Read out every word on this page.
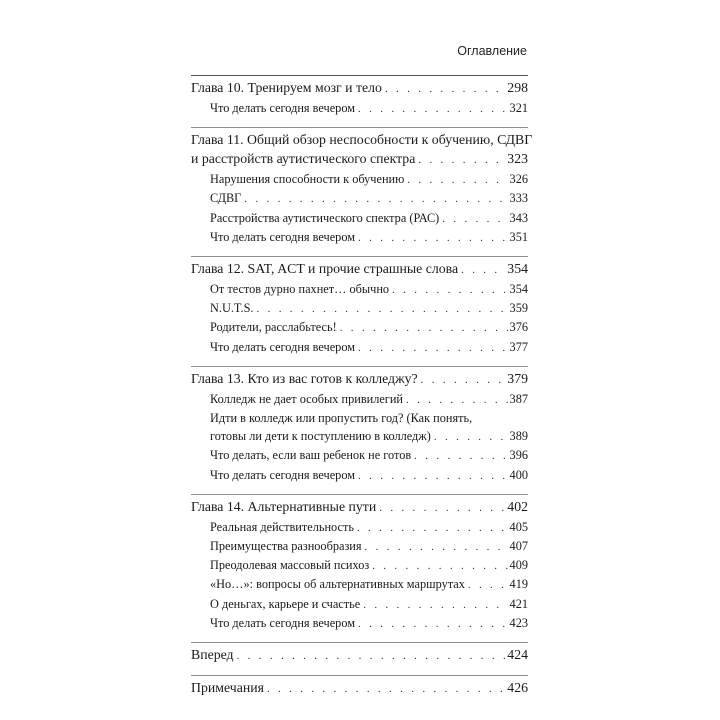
Оглавление
Глава 10. Тренируем мозг и тело . . .	298
Что делать сегодня вечером . . .	321
Глава 11. Общий обзор неспособности к обучению, СДВГ
и расстройств аутистического спектра . . .	323
Нарушения способности к обучению . . .	326
СДВГ . . .	333
Расстройства аутистического спектра (РАС) . . .	343
Что делать сегодня вечером . . .	351
Глава 12. SAT, ACT и прочие страшные слова . . .	354
От тестов дурно пахнет… обычно . . .	354
N.U.T.S. . . .	359
Родители, расслабьтесь! . . .	376
Что делать сегодня вечером . . .	377
Глава 13. Кто из вас готов к колледжу? . . .	379
Колледж не дает особых привилегий . . .	387
Идти в колледж или пропустить год? (Как понять,
готовы ли дети к поступлению в колледж) . . .	389
Что делать, если ваш ребенок не готов . . .	396
Что делать сегодня вечером . . .	400
Глава 14. Альтернативные пути . . .	402
Реальная действительность . . .	405
Преимущества разнообразия . . .	407
Преодолевая массовый психоз . . .	409
«Но…»: вопросы об альтернативных маршрутах . . .	419
О деньгах, карьере и счастье . . .	421
Что делать сегодня вечером . . .	423
Вперед . . .	424
Примечания . . .	426
